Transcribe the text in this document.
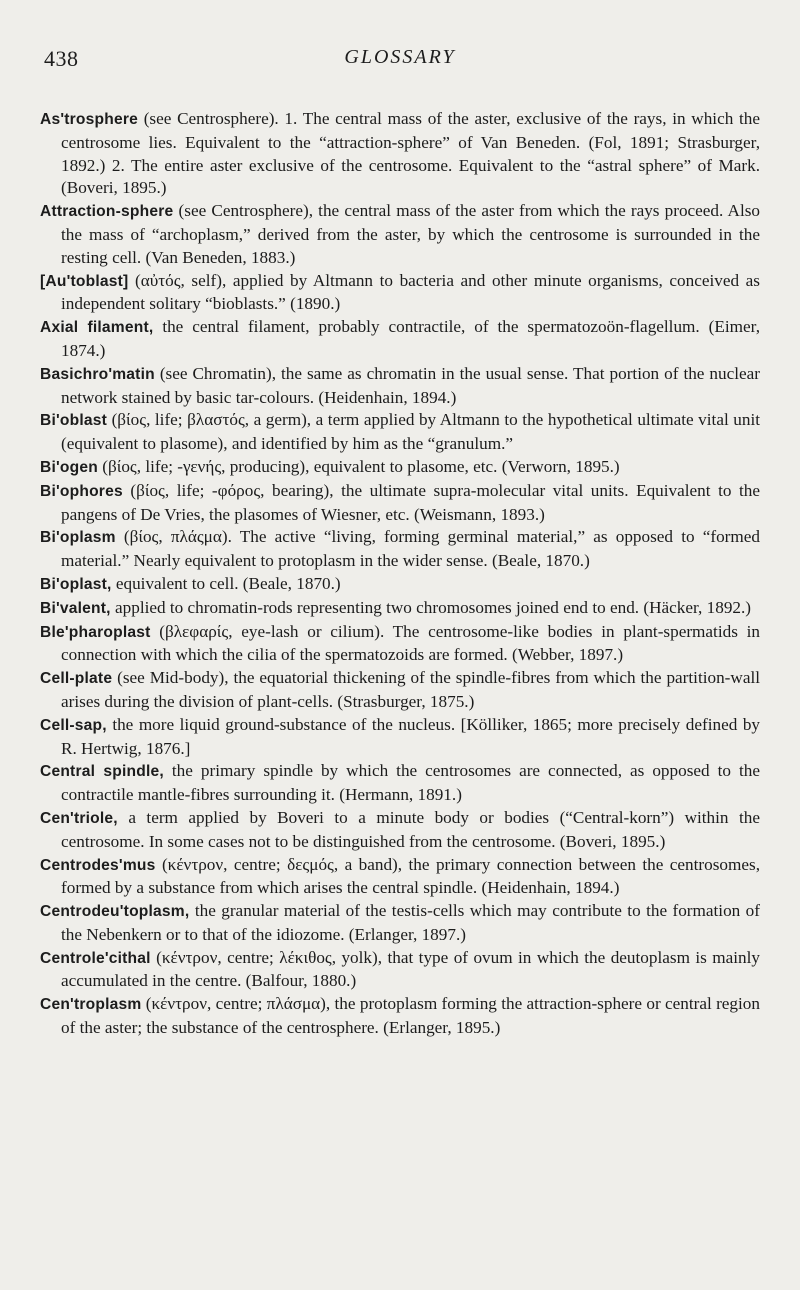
438	GLOSSARY

As'trosphere (see Centrosphere). 1. The central mass of the aster, exclusive of the rays, in which the centrosome lies. Equivalent to the “attraction-sphere” of Van Beneden. (Fol, 1891; Strasburger, 1892.) 2. The entire aster exclusive of the centrosome. Equivalent to the “astral sphere” of Mark. (Boveri, 1895.)

Attraction-sphere (see Centrosphere), the central mass of the aster from which the rays proceed. Also the mass of “archoplasm,” derived from the aster, by which the centrosome is surrounded in the resting cell. (Van Beneden, 1883.)

[Au'toblast] (αὐτός, self), applied by Altmann to bacteria and other minute organisms, conceived as independent solitary “bioblasts.” (1890.)

Axial filament, the central filament, probably contractile, of the spermatozoön-flagellum. (Eimer, 1874.)

Basichro'matin (see Chromatin), the same as chromatin in the usual sense. That portion of the nuclear network stained by basic tar-colours. (Heidenhain, 1894.)

Bi'oblast (βίος, life; βλαστός, a germ), a term applied by Altmann to the hypothetical ultimate vital unit (equivalent to plasome), and identified by him as the “granulum.”

Bi'ogen (βίος, life; -γενής, producing), equivalent to plasome, etc. (Verworn, 1895.)

Bi'ophores (βίος, life; -φόρος, bearing), the ultimate supra-molecular vital units. Equivalent to the pangens of De Vries, the plasomes of Wiesner, etc. (Weismann, 1893.)

Bi'oplasm (βίος, πλάςμα). The active “living, forming germinal material,” as opposed to “formed material.” Nearly equivalent to protoplasm in the wider sense. (Beale, 1870.)

Bi'oplast, equivalent to cell. (Beale, 1870.)

Bi'valent, applied to chromatin-rods representing two chromosomes joined end to end. (Häcker, 1892.)

Ble'pharoplast (βλεφαρίς, eye-lash or cilium). The centrosome-like bodies in plant-spermatids in connection with which the cilia of the spermatozoids are formed. (Webber, 1897.)

Cell-plate (see Mid-body), the equatorial thickening of the spindle-fibres from which the partition-wall arises during the division of plant-cells. (Strasburger, 1875.)

Cell-sap, the more liquid ground-substance of the nucleus. [Kölliker, 1865; more precisely defined by R. Hertwig, 1876.]

Central spindle, the primary spindle by which the centrosomes are connected, as opposed to the contractile mantle-fibres surrounding it. (Hermann, 1891.)

Cen'triole, a term applied by Boveri to a minute body or bodies (“Central-korn”) within the centrosome. In some cases not to be distinguished from the centrosome. (Boveri, 1895.)

Centrodes'mus (κέντρον, centre; δεςμός, a band), the primary connection between the centrosomes, formed by a substance from which arises the central spindle. (Heidenhain, 1894.)

Centrodeu'toplasm, the granular material of the testis-cells which may contribute to the formation of the Nebenkern or to that of the idiozome. (Erlanger, 1897.)

Centrole'cithal (κέντρον, centre; λέκιθος, yolk), that type of ovum in which the deutoplasm is mainly accumulated in the centre. (Balfour, 1880.)

Cen'troplasm (κέντρον, centre; πλάσμα), the protoplasm forming the attraction-sphere or central region of the aster; the substance of the centrosphere. (Erlanger, 1895.)
